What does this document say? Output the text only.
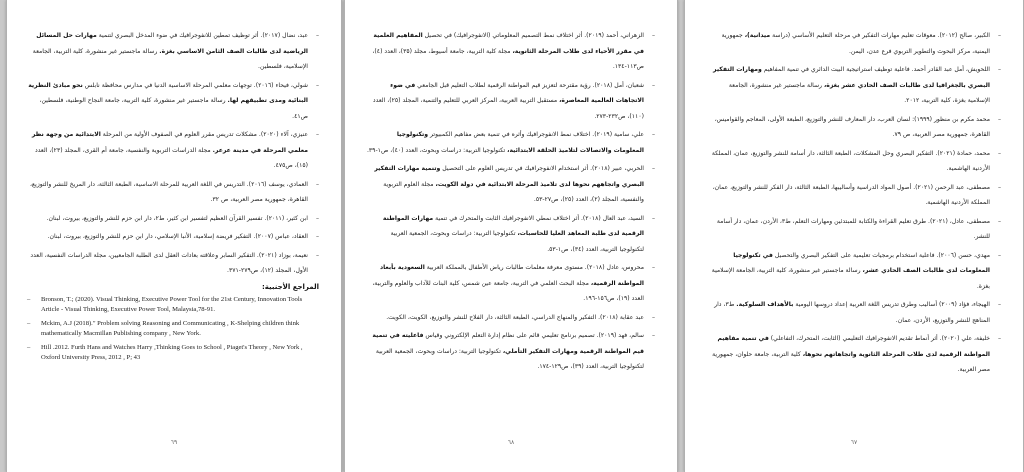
– عبد، نضال (٢٠١٧). أثر توظيف تمطين للانفوجرافيك في ضوء المدخل البصري لتنمية مهارات حل المسائل الرياضية لدى طالبات الصف الثامن الاساسي بغزة. رسالة ماجستير غير منشورة، كلية التربية، الجامعة الإسلامية، فلسطين.
– شولي، فيحاء (٢٠١٦). توجهات معلمي المرحلة الاساسية الدنيا في مدارس محافظة نابلس نحو مبادئ النظرية البنائية ومدى تطبيقهم لها. رسالة ماجستير غير منشورة، كلية التربية، جامعة النجاح الوطنية، فلسطين، ص٤١.
– عنيزي، آلاء (٢٠٢٠). مشكلات تدريس مقرر العلوم في الصفوف الأولية من المرحلة الابتدائية من وجهة نظر معلمي المرحلة في مدينة عرعر. مجلة الدراسات التربوية والنفسية، جامعة أم القرى، المجلد (٢٣)، العدد (١٥)، ص٤٧٥.
– العمادي، يوسف (٢٠١٦). التدريس في اللغة العربية للمرحلة الاساسية، الطبعة الثالثة، دار المريخ للنشر والتوزيع، القاهرة، جمهورية مصر العربية، ص ٣٢.
– ابن كثير، (٢٠١١). تفسير القرآن العظيم لتفسير ابن كثير، ط٢، دار ابن حزم للنشر والتوزيع، بيروت، لبنان.
– العقاد، عباس (٢٠٠٧). التفكير فريضة إسلامية، الأنبا الإسلامي، دار ابن حزم للنشر والتوزيع، بيروت، لبنان.
– نعيمة، بوزاد (٢٠٢١). التفكير السابر وعلاقته بعادات العقل لدى الطلبة الجامعيين، مجلة الدراسات النفسية، العدد الأول، المجلد (١٢)، ص٢٧٩-٣٧١.
المراجع الأجنبية:
– Bronson, T.; (2020). Visual Thinking, Executive Power Tool for the 21st Century, Innovation Tools Article - Visual Thinking, Executive Power Tool, Malaysia,78-91.
– Mckim, A.J (2018)." Problem solving Reasoning and Communicating , K-Shelping children think mathematically Macmillan Publishing company , New York.
– Hill .2012. Furth Hans and Watches Harry ,Thinking Goes to School , Piaget's Theory , New York , Oxford University Press, 2012 , P; 43
٦٩
– الزهراني، أحمد (٢٠١٩). أثر اختلاف نمط التصميم المعلوماتي (الانفوجرافيك) في تحصيل المفاهيم العلمية في مقرر الأحياء لدى طلاب المرحلة الثانوية، مجلة كلية التربية، جامعة أسيوط، مجلد (٣٥)، العدد (٤)، ص١١٣-١٣٤.
– شعبان، أمل (٢٠١٨). رؤية مقترحة لتعزيز قيم المواطنة الرقمية لطلاب التعليم قبل الجامعي في ضوء الاتجاهات العالمية المعاصرة، مستقبل التربية العربية، المركز العربي للتعليم والتنمية، المجلد (٢٥)، العدد (١١٠)، ص٢٣٢-٢٧٣.
– علي، سامية (٢٠١٩). اختلاف نمط الانفوجرافيك وأثره في تنمية بعض مفاهيم الكمبيوتر وتكنولوجيا المعلومات والاتصالات لتلاميذ الحلقة الابتدائية، تكنولوجيا التربية: دراسات وبحوث، العدد (٤٠)، ص١-٣٩.
– الحربي، عبير (٢٠١٨). أثر استخدام الانفوجرافيك في تدريس العلوم على التحصيل وتنمية مهارات التفكير البصري واتجاههم نحوها لدى تلاميذ المرحلة الابتدائية في دولة الكويت، مجلة العلوم التربوية والنفسية، المجلد (٢)، العدد (٢٥)، ص٢٧-٥٣.
– السيد، عبد العال (٢٠١٨). أثر اختلاف نمطي الانفوجرافيك الثابت والمتحرك في تنمية مهارات المواطنة الرقمية لدى طلبة المعاهد العليا للحاسبات، تكنولوجيا التربية: دراسات وبحوث، الجمعية العربية لتكنولوجيا التربية، العدد (٣٤)، ص١-٥٣.
– محروس، عادل (٢٠١٨). مستوى معرفة معلمات طالبات رياض الأطفال بالمملكة العربية السعودية بأبعاد المواطنة الرقمية، مجلة البحث العلمي في التربية، جامعة عين شمس، كلية البنات للآداب والعلوم والتربية، العدد (١٩)، ص١٥٦-١٩٦.
– عبد عقابة (٢٠١٨). التفكير والمنهاج الدراسي، الطبعة الثالثة، دار الفلاح للنشر والتوزيع، الكويت، الكويت.
– سالم، فهد (٢٠١٩). تصميم برنامج تعليمي قائم على نظام إدارة التعلم الإلكتروني وقياس فاعليته في تنمية قيم المواطنة الرقمية ومهارات التفكير التأملي، تكنولوجيا التربية: دراسات وبحوث، الجمعية العربية لتكنولوجيا التربية، العدد (٣٩)، ص١٢٩-١٧٤.
٦٨
– الكبير، صالح (٢٠١٢). معوقات تعليم مهارات التفكير في مرحلة التعليم الأساسي (دراسة ميدانية)، جمهورية اليمنية، مركز البحوث والتطوير التربوي فرع عدن، اليمن.
– اللحويش، أمل عبد القادر أحمد. فاعلية توظيف استراتيجية البيت الدائري في تنمية المفاهيم ومهارات التفكير البصري بالجغرافيا لدى طالبات الصف الحادي عشر بغزة، رسالة ماجستير غير منشورة، الجامعة الإسلامية بغزة، كلية التربية، ٢٠١٢.
– محمد مكرم بن منظور (١٩٩٩): لسان العرب، دار المعارف للنشر والتوزيع، الطبعة الأولى، المعاجم والقواميس، القاهرة، جمهورية مصر العربية، ص ٧٩.
– محمد، حمادة (٢٠٢١). التفكير البصري وحل المشكلات، الطبعة الثالثة، دار أسامة للنشر والتوزيع، عمان، المملكة الأردنية الهاشمية.
– مصطفى، عبد الرحمن (٢٠٢١). أصول المواد الدراسية وأساليبها، الطبعة الثالثة، دار الفكر للنشر والتوزيع، عمان، المملكة الأردنية الهاشمية.
– مصطفى، عادل، (٢٠٢١). طرق تعليم القراءة والكتابة للمبتدئين ومهارات التعلم، ط٣، الأردن، عمان، دار أسامة للنشر.
– مهدي، حسن (٢٠٠٦). فاعلية استخدام برمجيات تعليمية على التفكير البصري والتحصيل في تكنولوجيا المعلومات لدى طالبات الصف الحادي عشر، رسالة ماجستير غير منشورة، كلية التربية، الجامعة الإسلامية بغزة.
– الهيجاء، فؤاد (٢٠٠٩) أساليب وطرق تدريس اللغة العربية إعداد دروسها اليومية بالأهداف السلوكية. ط٣، دار المناهج للنشر والتوزيع، الأردن، عمان.
– خليفة، علي (٢٠٢٠). أثر أنماط تقديم الانفوجرافيك التعليمي (الثابت، المتحرك، التفاعلي) في تنمية مفاهيم المواطنة الرقمية لدى طلاب المرحلة الثانوية واتجاهاتهم نحوها، كلية التربية، جامعة حلوان، جمهورية مصر العربية.
٦٧
